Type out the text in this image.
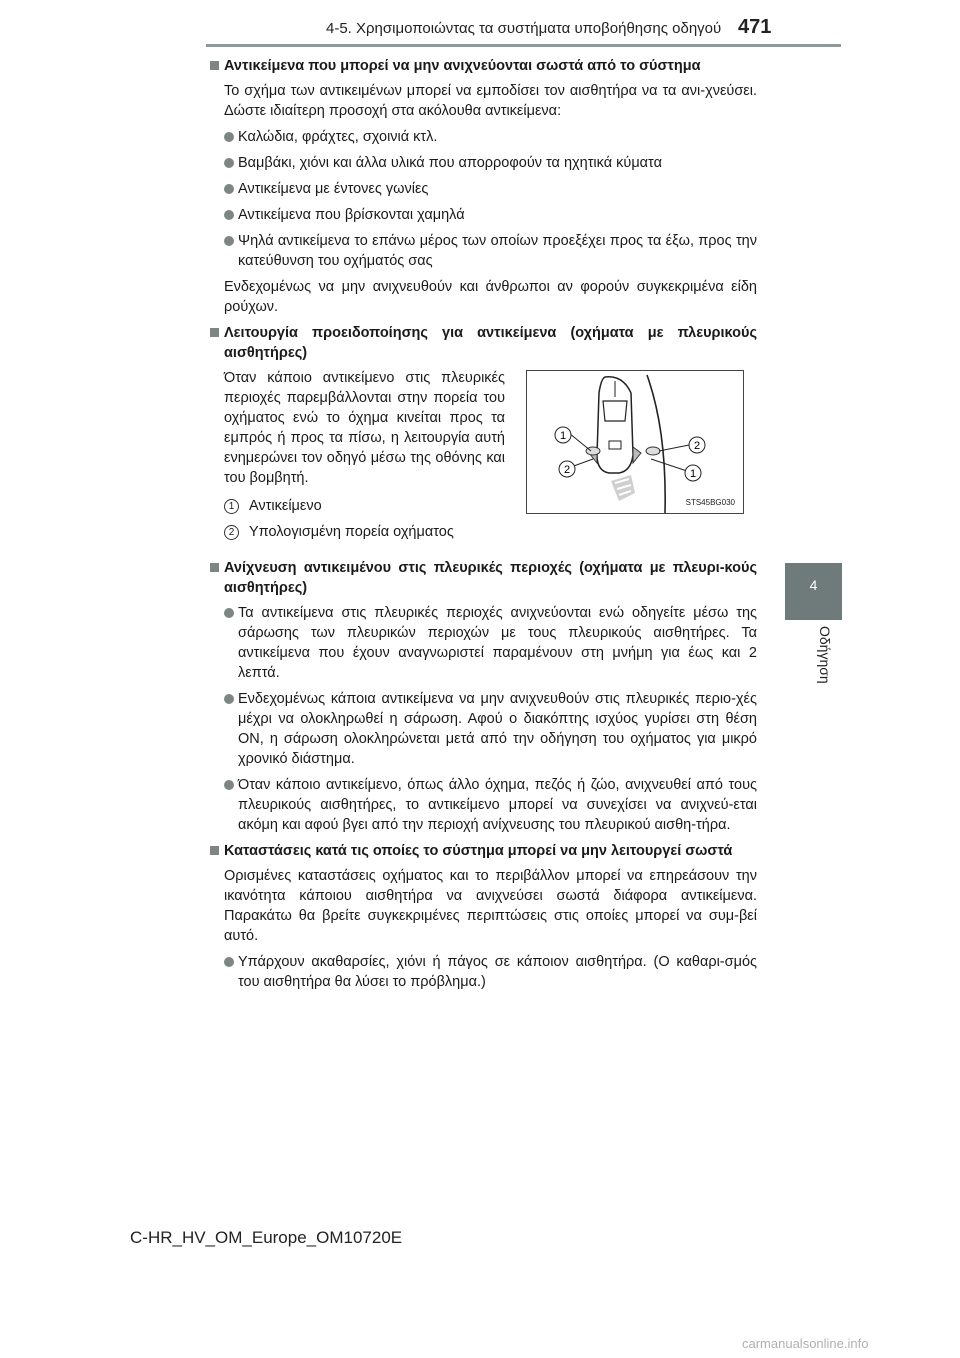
4-5. Χρησιμοποιώντας τα συστήματα υποβοήθησης οδηγού 471
4
Οδήγηση
Αντικείμενα που μπορεί να μην ανιχνεύονται σωστά από το σύστημα
Το σχήμα των αντικειμένων μπορεί να εμποδίσει τον αισθητήρα να τα ανι-χνεύσει. Δώστε ιδιαίτερη προσοχή στα ακόλουθα αντικείμενα:
Καλώδια, φράχτες, σχοινιά κτλ.
Βαμβάκι, χιόνι και άλλα υλικά που απορροφούν τα ηχητικά κύματα
Αντικείμενα με έντονες γωνίες
Αντικείμενα που βρίσκονται χαμηλά
Ψηλά αντικείμενα το επάνω μέρος των οποίων προεξέχει προς τα έξω, προς την κατεύθυνση του οχήματός σας
Ενδεχομένως να μην ανιχνευθούν και άνθρωποι αν φορούν συγκεκριμένα είδη ρούχων.
Λειτουργία προειδοποίησης για αντικείμενα (οχήματα με πλευρικούς αισθητήρες)
Όταν κάποιο αντικείμενο στις πλευρικές περιοχές παρεμβάλλονται στην πορεία του οχήματος ενώ το όχημα κινείται προς τα εμπρός ή προς τα πίσω, η λειτουργία αυτή ενημερώνει τον οδηγό μέσω της οθόνης και του βομβητή.
1 Αντικείμενο
2 Υπολογισμένη πορεία οχήματος
1
2
2
1
STS45BG030
Ανίχνευση αντικειμένου στις πλευρικές περιοχές (οχήματα με πλευρι-κούς αισθητήρες)
Τα αντικείμενα στις πλευρικές περιοχές ανιχνεύονται ενώ οδηγείτε μέσω της σάρωσης των πλευρικών περιοχών με τους πλευρικούς αισθητήρες. Τα αντικείμενα που έχουν αναγνωριστεί παραμένουν στη μνήμη για έως και 2 λεπτά.
Ενδεχομένως κάποια αντικείμενα να μην ανιχνευθούν στις πλευρικές περιο-χές μέχρι να ολοκληρωθεί η σάρωση. Αφού ο διακόπτης ισχύος γυρίσει στη θέση ON, η σάρωση ολοκληρώνεται μετά από την οδήγηση του οχήματος για μικρό χρονικό διάστημα.
Όταν κάποιο αντικείμενο, όπως άλλο όχημα, πεζός ή ζώο, ανιχνευθεί από τους πλευρικούς αισθητήρες, το αντικείμενο μπορεί να συνεχίσει να ανιχνεύ-εται ακόμη και αφού βγει από την περιοχή ανίχνευσης του πλευρικού αισθη-τήρα.
Καταστάσεις κατά τις οποίες το σύστημα μπορεί να μην λειτουργεί σωστά
Ορισμένες καταστάσεις οχήματος και το περιβάλλον μπορεί να επηρεάσουν την ικανότητα κάποιου αισθητήρα να ανιχνεύσει σωστά διάφορα αντικείμενα. Παρακάτω θα βρείτε συγκεκριμένες περιπτώσεις στις οποίες μπορεί να συμ-βεί αυτό.
Υπάρχουν ακαθαρσίες, χιόνι ή πάγος σε κάποιον αισθητήρα. (Ο καθαρι-σμός του αισθητήρα θα λύσει το πρόβλημα.)
C-HR_HV_OM_Europe_OM10720E
carmanualsonline.info
